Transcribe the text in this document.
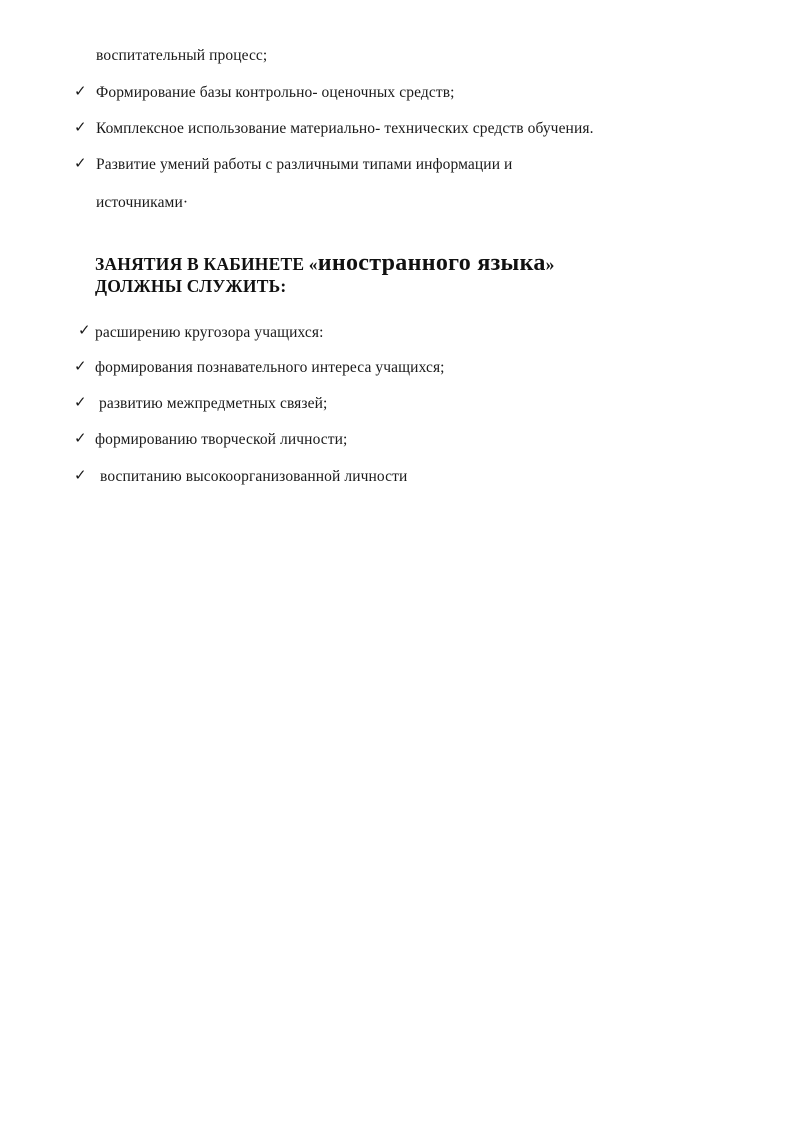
воспитательный процесс;
✓ Формирование базы контрольно- оценочных средств;
✓ Комплексное использование материально- технических средств обучения.
✓ Развитие умений работы с различными типами информации и
источниками·
ЗАНЯТИЯ В КАБИНЕТЕ «иностранного языка»
ДОЛЖНЫ СЛУЖИТЬ:
✓ расширению кругозора учащихся:
✓ формирования познавательного интереса учащихся;
✓ развитию межпредметных связей;
✓ формированию творческой личности;
✓ воспитанию высокоорганизованной личности
